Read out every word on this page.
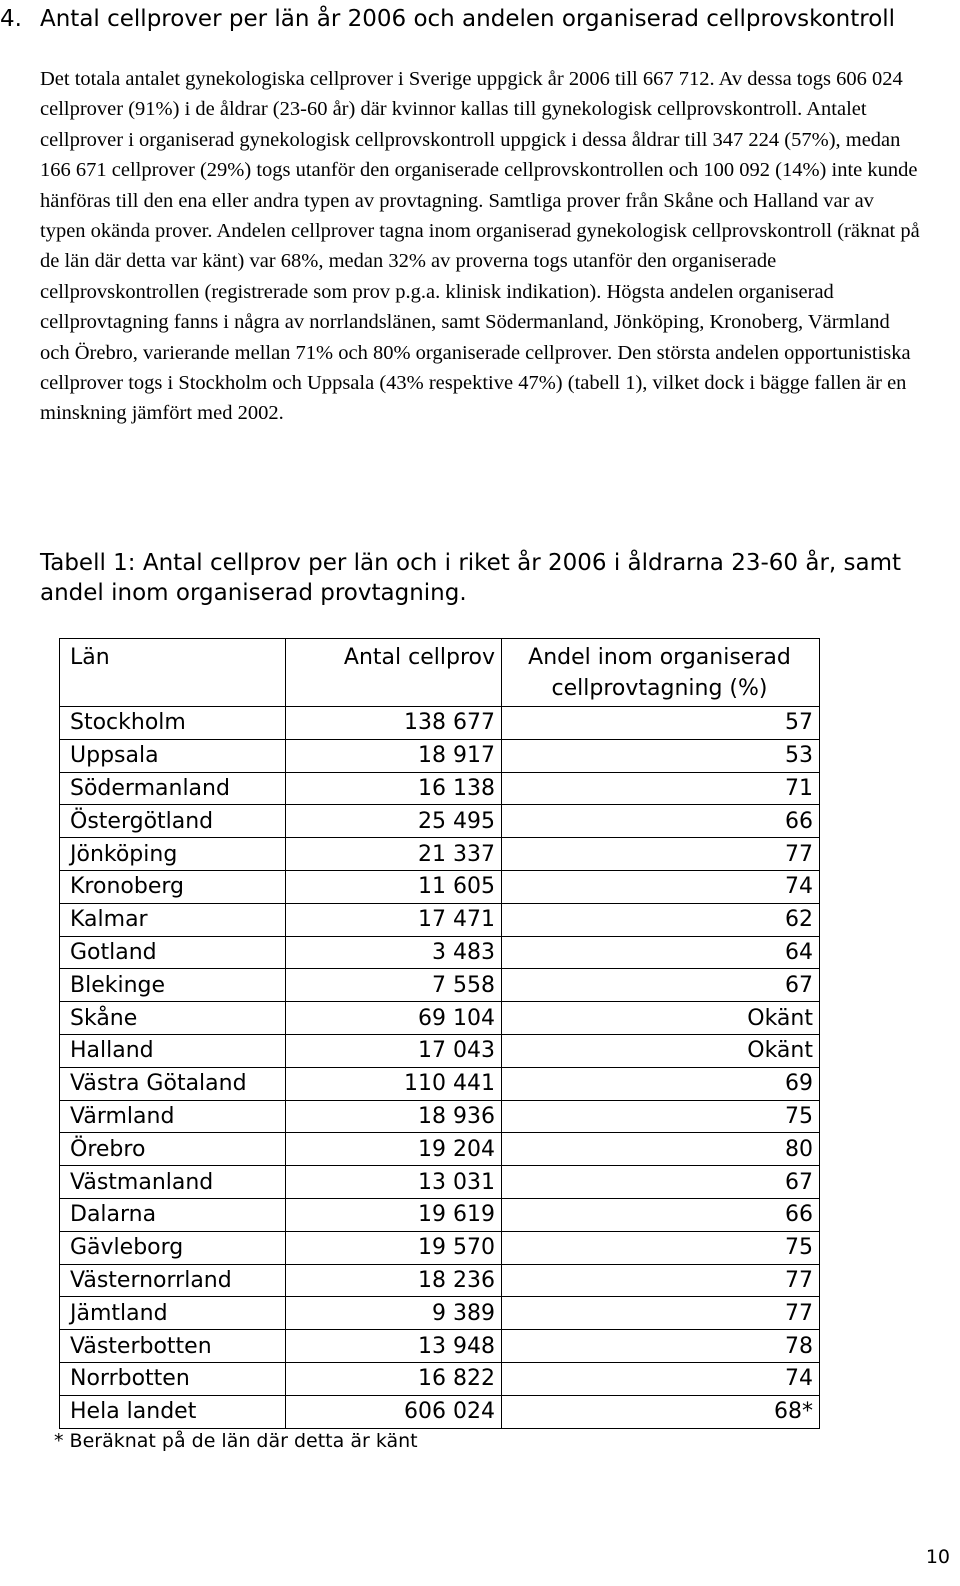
4. Antal cellprover per län år 2006 och andelen organiserad cellprovskontroll

Det totala antalet gynekologiska cellprover i Sverige uppgick år 2006 till 667 712. Av dessa togs 606 024 cellprover (91%) i de åldrar (23-60 år) där kvinnor kallas till gynekologisk cellprovskontroll. Antalet cellprover i organiserad gynekologisk cellprovskontroll uppgick i dessa åldrar till 347 224 (57%), medan 166 671 cellprover (29%) togs utanför den organiserade cellprovskontrollen och 100 092 (14%) inte kunde hänföras till den ena eller andra typen av provtagning. Samtliga prover från Skåne och Halland var av typen okända prover. Andelen cellprover tagna inom organiserad gynekologisk cellprovskontroll (räknat på de län där detta var känt) var 68%, medan 32% av proverna togs utanför den organiserade cellprovskontrollen (registrerade som prov p.g.a. klinisk indikation). Högsta andelen organiserad cellprovtagning fanns i några av norrlandslänen, samt Södermanland, Jönköping, Kronoberg, Värmland och Örebro, varierande mellan 71% och 80% organiserade cellprover. Den största andelen opportunistiska cellprover togs i Stockholm och Uppsala (43% respektive 47%) (tabell 1), vilket dock i bägge fallen är en minskning jämfört med 2002.

Tabell 1: Antal cellprov per län och i riket år 2006 i åldrarna 23-60 år, samt andel inom organiserad provtagning.

Län	Antal cellprov	Andel inom organiserad cellprovtagning (%)
Stockholm	138 677	57
Uppsala	18 917	53
Södermanland	16 138	71
Östergötland	25 495	66
Jönköping	21 337	77
Kronoberg	11 605	74
Kalmar	17 471	62
Gotland	3 483	64
Blekinge	7 558	67
Skåne	69 104	Okänt
Halland	17 043	Okänt
Västra Götaland	110 441	69
Värmland	18 936	75
Örebro	19 204	80
Västmanland	13 031	67
Dalarna	19 619	66
Gävleborg	19 570	75
Västernorrland	18 236	77
Jämtland	9 389	77
Västerbotten	13 948	78
Norrbotten	16 822	74
Hela landet	606 024	68*

* Beräknat på de län där detta är känt

10
